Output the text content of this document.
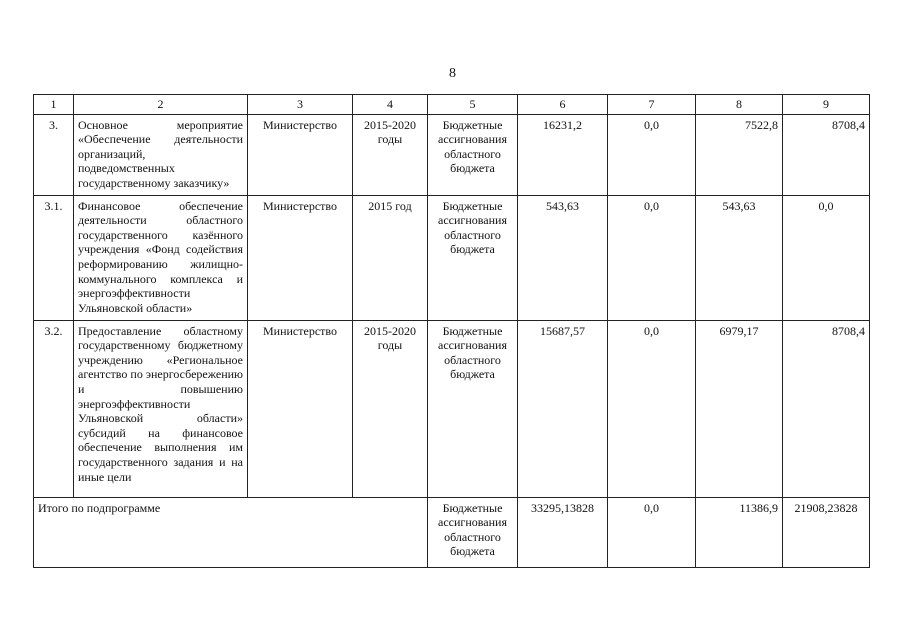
8
1	2	3	4	5	6	7	8	9
3.	Основное мероприятие «Обеспечение деятельности организаций, подведомственных государственному заказчику»	Министерство	2015-2020 годы	Бюджетные ассигнования областного бюджета	16231,2	0,0	7522,8	8708,4
3.1.	Финансовое обеспечение деятельности областного государственного казённого учреждения «Фонд содействия реформированию жилищно-коммунального комплекса и энергоэффективности Ульяновской области»	Министерство	2015 год	Бюджетные ассигнования областного бюджета	543,63	0,0	543,63	0,0
3.2.	Предоставление областному государственному бюджетному учреждению «Региональное агентство по энергосбережению и повышению энергоэффективности Ульяновской области» субсидий на финансовое обеспечение выполнения им государственного задания и на иные цели	Министерство	2015-2020 годы	Бюджетные ассигнования областного бюджета	15687,57	0,0	6979,17	8708,4
Итого по подпрограмме				Бюджетные ассигнования областного бюджета	33295,13828	0,0	11386,9	21908,23828
